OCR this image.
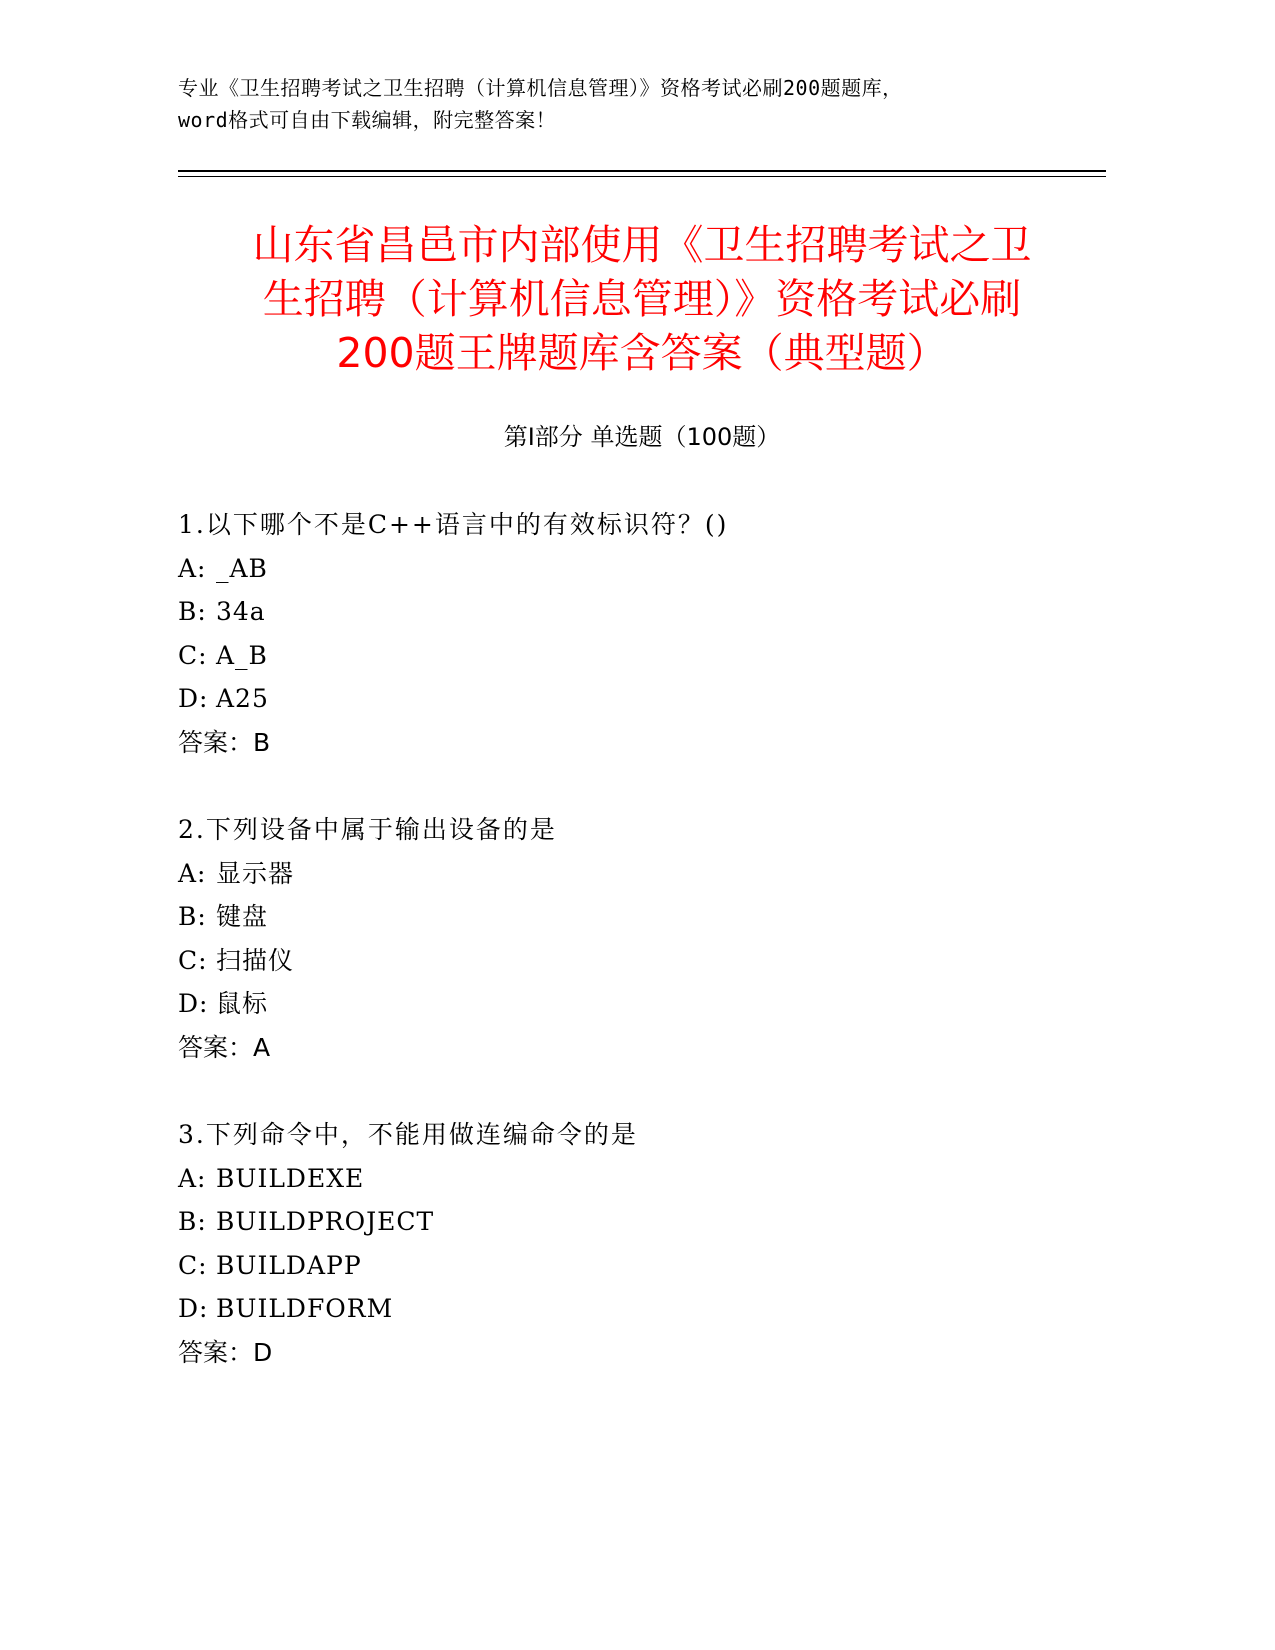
专业《卫生招聘考试之卫生招聘（计算机信息管理）》资格考试必刷200题题库，
word格式可自由下载编辑，附完整答案！
山东省昌邑市内部使用《卫生招聘考试之卫
生招聘（计算机信息管理）》资格考试必刷
200题王牌题库含答案（典型题）
第Ⅰ部分 单选题（100题）
1.以下哪个不是C++语言中的有效标识符？()
A: _AB
B: 34a
C: A_B
D: A25
答案：B
2.下列设备中属于输出设备的是
A: 显示器
B: 键盘
C: 扫描仪
D: 鼠标
答案：A
3.下列命令中，不能用做连编命令的是
A: BUILDEXE
B: BUILDPROJECT
C: BUILDAPP
D: BUILDFORM
答案：D
